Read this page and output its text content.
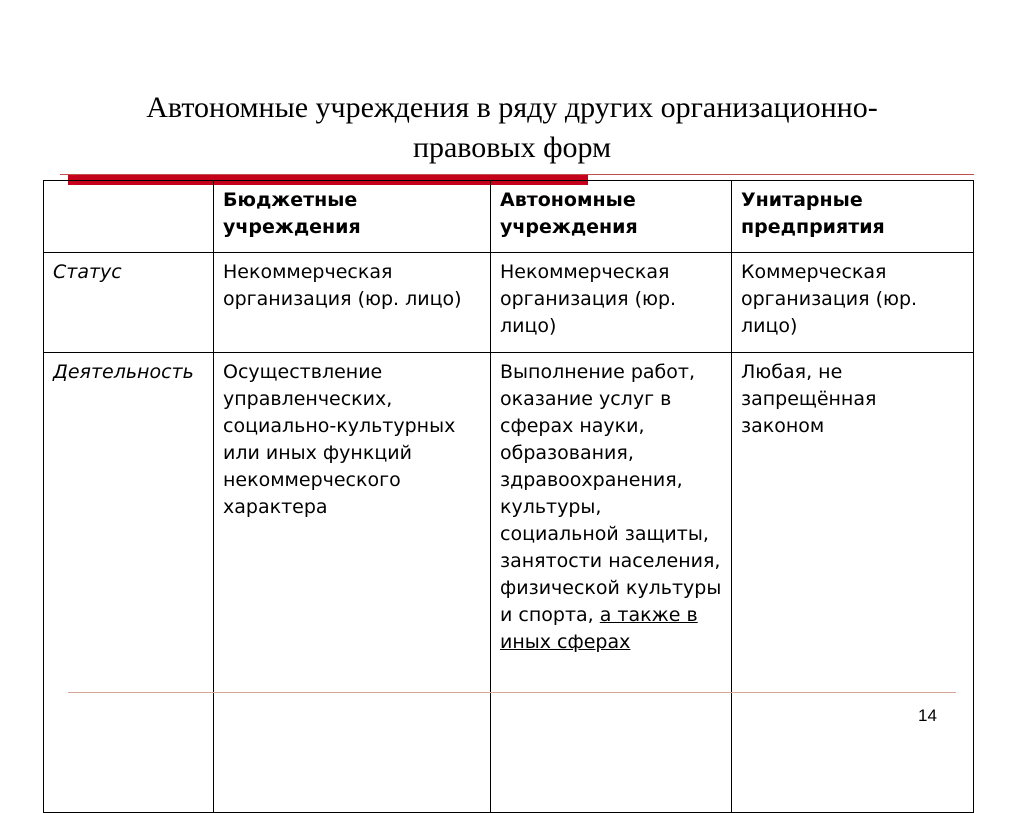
Автономные учреждения в ряду других организационно-
правовых форм
	Бюджетные учреждения	Автономные учреждения	Унитарные предприятия
Статус	Некоммерческая организация (юр. лицо)	Некоммерческая организация (юр. лицо)	Коммерческая организация (юр. лицо)
Деятельность	Осуществление управленческих, социально-культурных или иных функций некоммерческого характера	Выполнение работ, оказание услуг в сферах науки, образования, здравоохранения, культуры, социальной защиты, занятости населения, физической культуры и спорта, а также в иных сферах	Любая, не запрещённая законом
14
